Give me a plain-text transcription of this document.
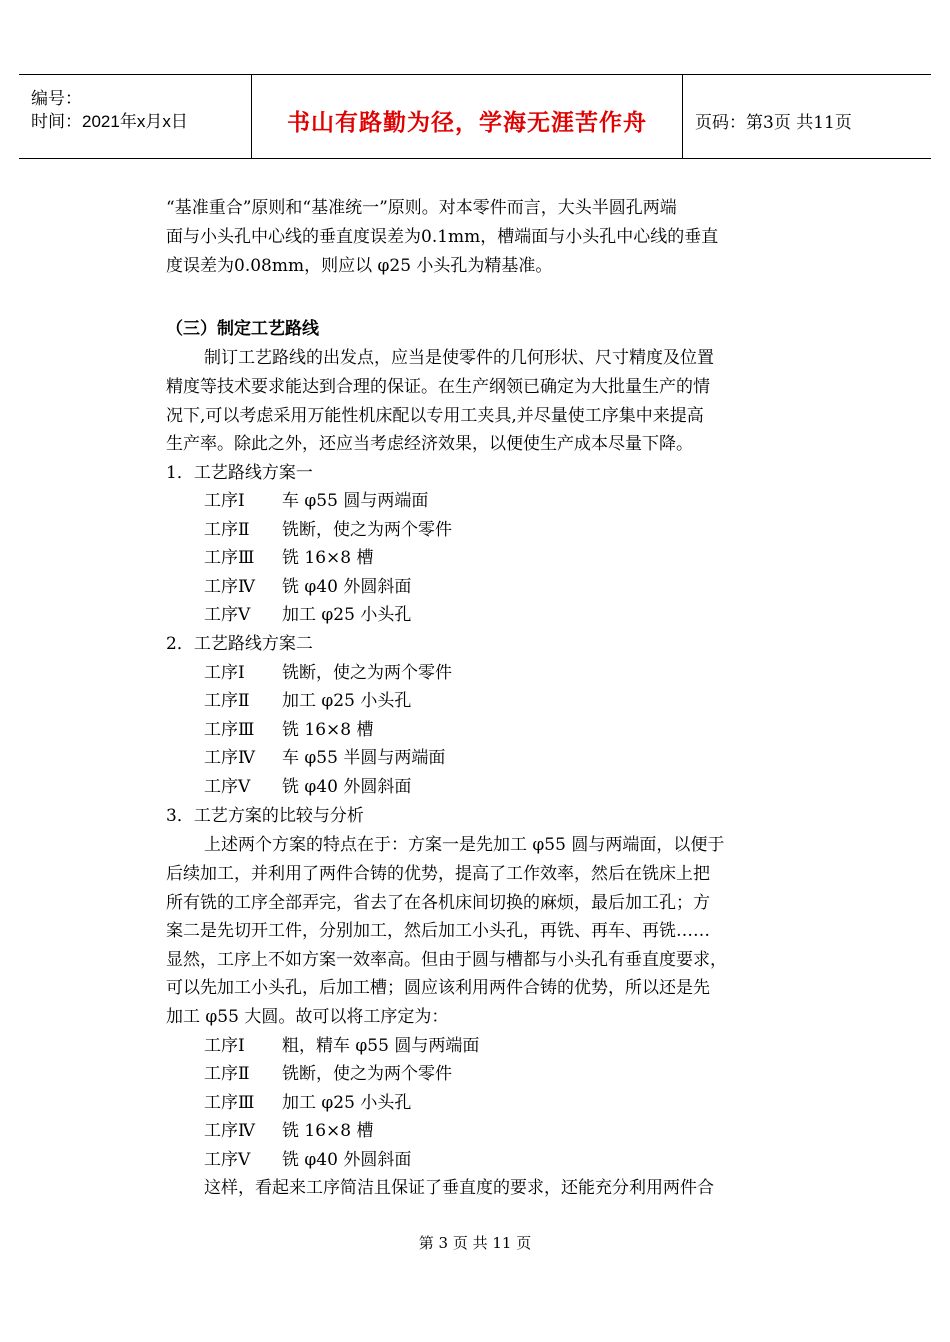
编号：
时间：2021年x月x日	书山有路勤为径，学海无涯苦作舟	页码：第3页 共11页
“基准重合”原则和“基准统一”原则。对本零件而言，大头半圆孔两端
面与小头孔中心线的垂直度误差为0.1mm，槽端面与小头孔中心线的垂直
度误差为0.08mm，则应以 φ25 小头孔为精基准。
（三）制定工艺路线
制订工艺路线的出发点，应当是使零件的几何形状、尺寸精度及位置
精度等技术要求能达到合理的保证。在生产纲领已确定为大批量生产的情
况下,可以考虑采用万能性机床配以专用工夹具,并尽量使工序集中来提高
生产率。除此之外，还应当考虑经济效果，以便使生产成本尽量下降。
1．工艺路线方案一
工序Ⅰ 车 φ55 圆与两端面
工序Ⅱ 铣断，使之为两个零件
工序Ⅲ 铣 16×8 槽
工序Ⅳ 铣 φ40 外圆斜面
工序Ⅴ 加工 φ25 小头孔
2．工艺路线方案二
工序Ⅰ 铣断，使之为两个零件
工序Ⅱ 加工 φ25 小头孔
工序Ⅲ 铣 16×8 槽
工序Ⅳ 车 φ55 半圆与两端面
工序Ⅴ 铣 φ40 外圆斜面
3．工艺方案的比较与分析
上述两个方案的特点在于：方案一是先加工 φ55 圆与两端面，以便于
后续加工，并利用了两件合铸的优势，提高了工作效率，然后在铣床上把
所有铣的工序全部弄完，省去了在各机床间切换的麻烦，最后加工孔；方
案二是先切开工件，分别加工，然后加工小头孔，再铣、再车、再铣……
显然，工序上不如方案一效率高。但由于圆与槽都与小头孔有垂直度要求，
可以先加工小头孔，后加工槽；圆应该利用两件合铸的优势，所以还是先
加工 φ55 大圆。故可以将工序定为：
工序Ⅰ 粗，精车 φ55 圆与两端面
工序Ⅱ 铣断，使之为两个零件
工序Ⅲ 加工 φ25 小头孔
工序Ⅳ 铣 16×8 槽
工序Ⅴ 铣 φ40 外圆斜面
这样，看起来工序简洁且保证了垂直度的要求，还能充分利用两件合
第 3 页 共 11 页
